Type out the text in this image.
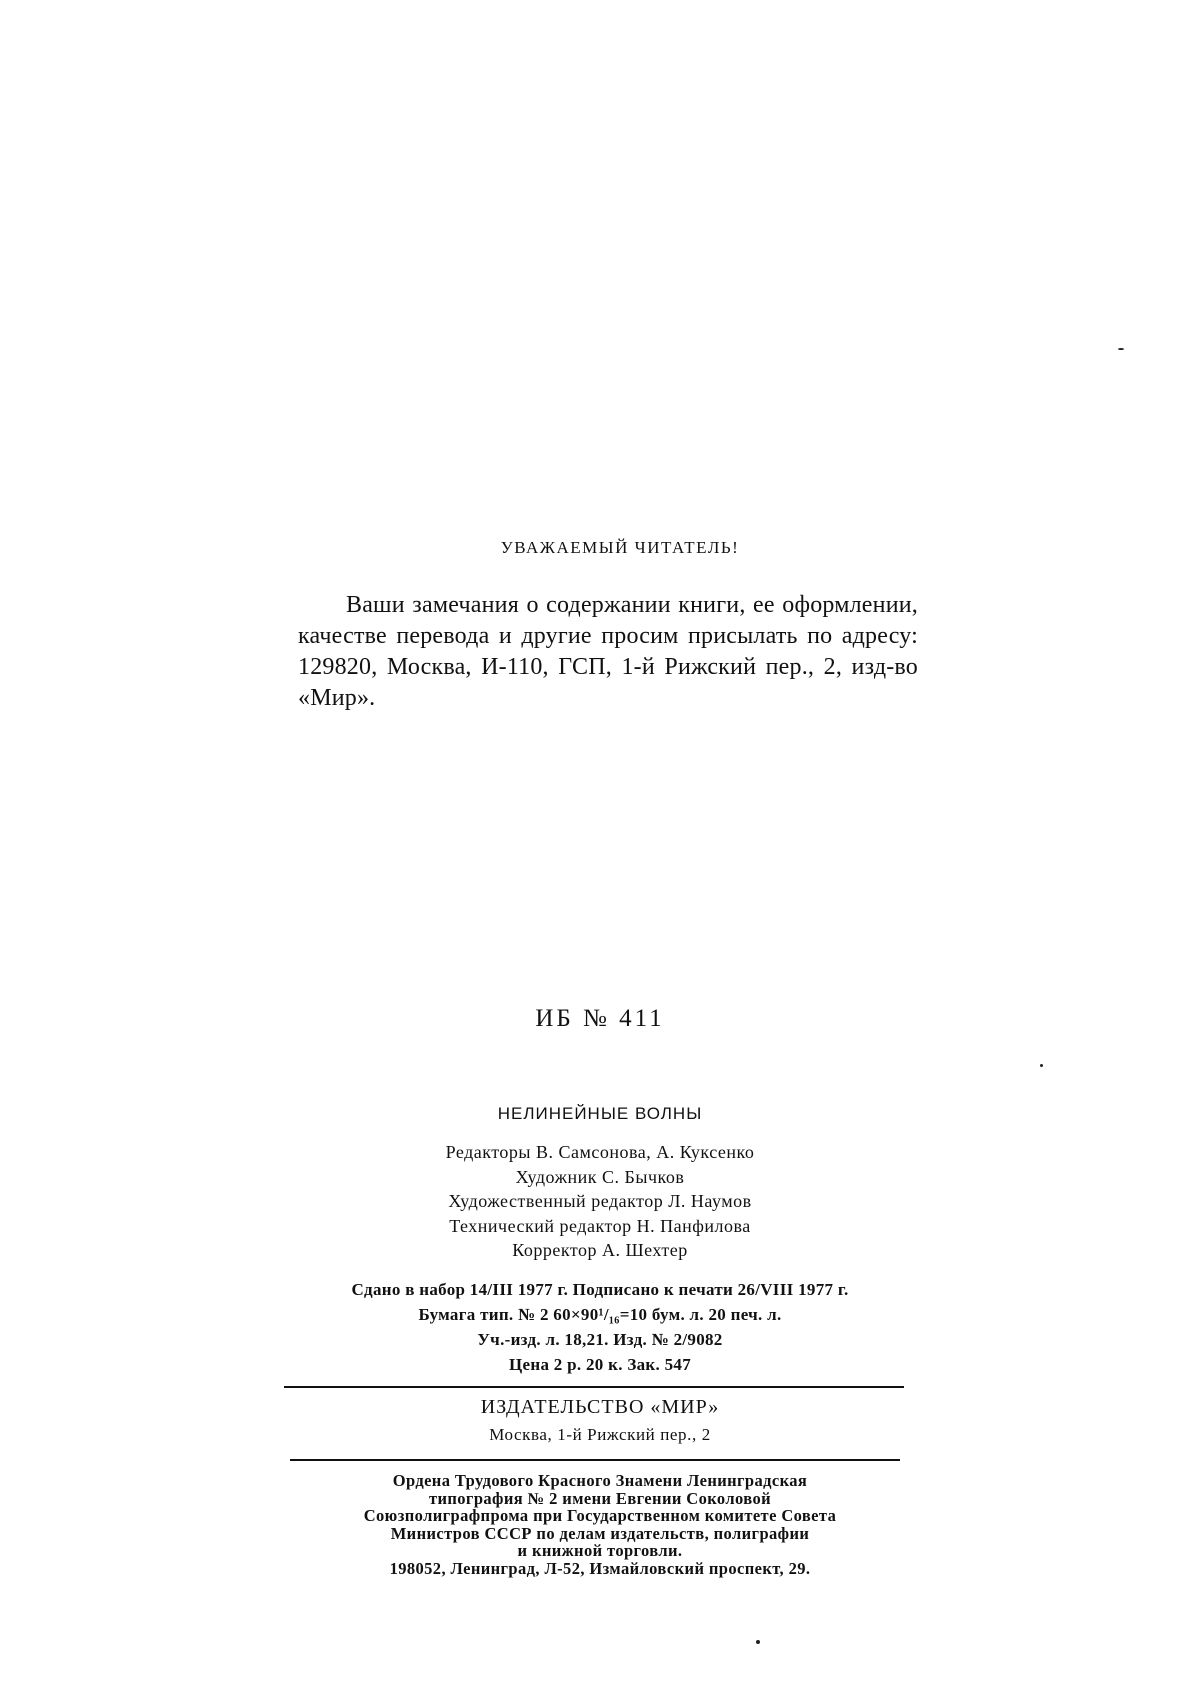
УВАЖАЕМЫЙ ЧИТАТЕЛЬ!
Ваши замечания о содержании книги, ее оформлении, качестве перевода и другие просим присылать по адресу: 129820, Москва, И-110, ГСП, 1-й Рижский пер., 2, изд-во «Мир».
ИБ № 411
НЕЛИНЕЙНЫЕ ВОЛНЫ
Редакторы В. Самсонова, А. Куксенко
Художник С. Бычков
Художественный редактор Л. Наумов
Технический редактор Н. Панфилова
Корректор А. Шехтер
Сдано в набор 14/III 1977 г. Подписано к печати 26/VIII 1977 г.
Бумага тип. № 2 60×90¹/₁₆=10 бум. л. 20 печ. л.
Уч.-изд. л. 18,21. Изд. № 2/9082
Цена 2 р. 20 к. Зак. 547
ИЗДАТЕЛЬСТВО «МИР»
Москва, 1-й Рижский пер., 2
Ордена Трудового Красного Знамени Ленинградская
типография № 2 имени Евгении Соколовой
Союзполиграфпрома при Государственном комитете Совета
Министров СССР по делам издательств, полиграфии
и книжной торговли.
198052, Ленинград, Л-52, Измайловский проспект, 29.
